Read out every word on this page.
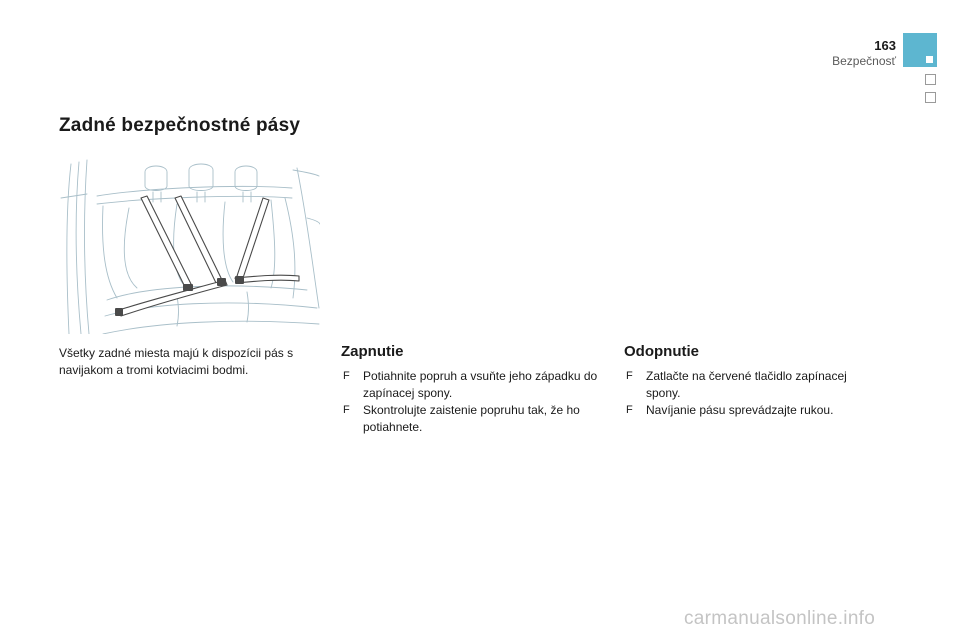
163
Bezpečnosť
Zadné bezpečnostné pásy

Všetky zadné miesta majú k dispozícii pás s navijakom a tromi kotviacimi bodmi.

Zapnutie
F Potiahnite popruh a vsuňte jeho západku do zapínacej spony.
F Skontrolujte zaistenie popruhu tak, že ho potiahnete.
Odopnutie
F Zatlačte na červené tlačidlo zapínacej spony.
F Navíjanie pásu sprevádzajte rukou.
carmanualsonline.info
